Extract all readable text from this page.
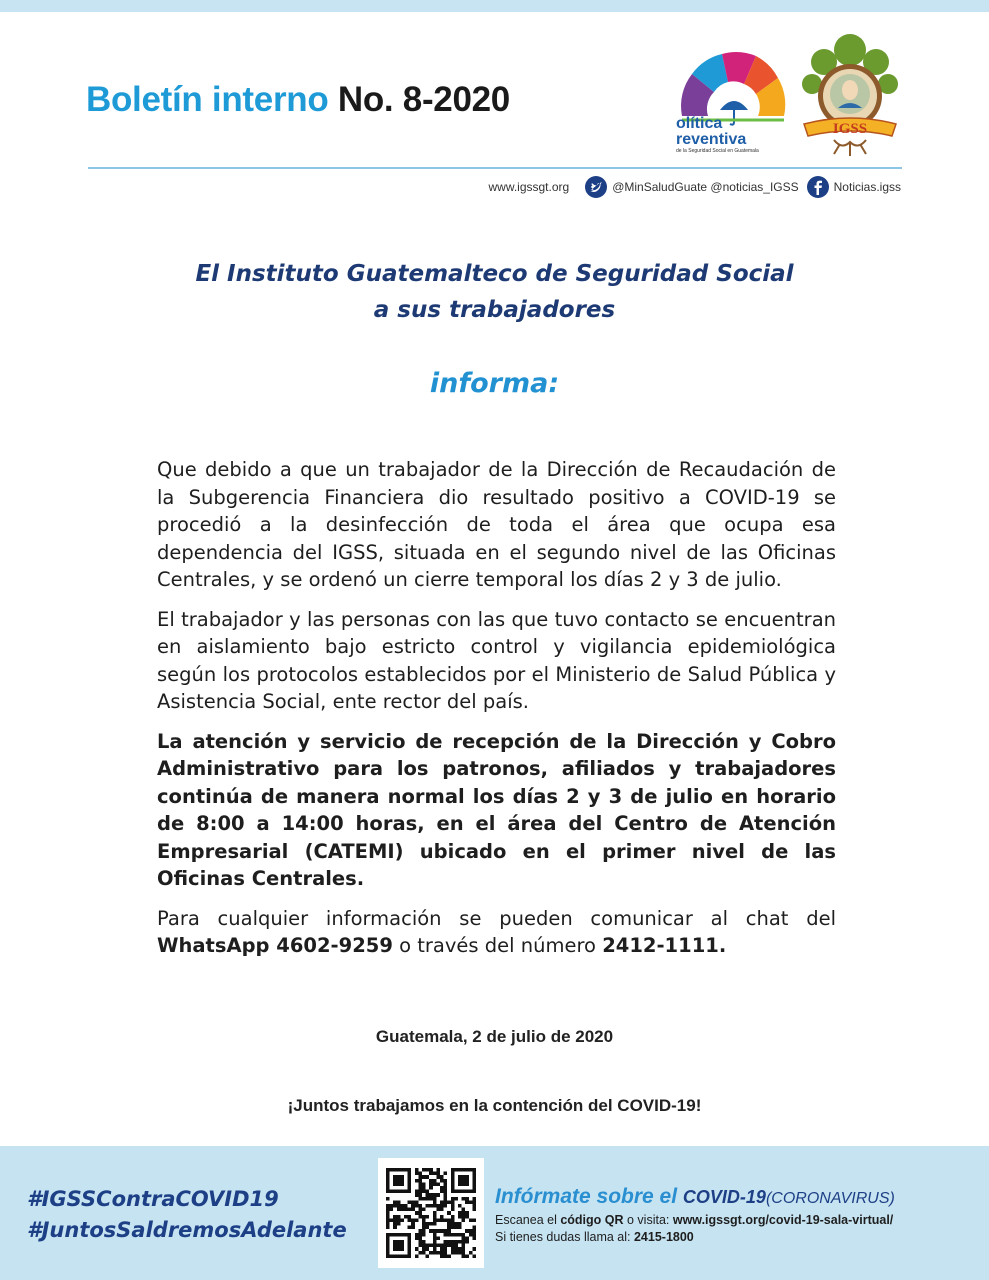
Boletín interno No. 8-2020
olítica
reventiva
de la Seguridad Social en Guatemala
IGSS
www.igssgt.org	@MinSaludGuate @noticias_IGSS	Noticias.igss
El Instituto Guatemalteco de Seguridad Social
a sus trabajadores
informa:

Que debido a que un trabajador de la Dirección de Recaudación de la Subgerencia Financiera dio resultado positivo a COVID-19 se procedió a la desinfección de toda el área que ocupa esa dependencia del IGSS, situada en el segundo nivel de las Oficinas Centrales, y se ordenó un cierre temporal los días 2 y 3 de julio.

El trabajador y las personas con las que tuvo contacto se encuentran en aislamiento bajo estricto control y vigilancia epidemiológica según los protocolos establecidos por el Ministerio de Salud Pública y Asistencia Social, ente rector del país.

La atención y servicio de recepción de la Dirección y Cobro Administrativo para los patronos, afiliados y trabajadores continúa de manera normal los días 2 y 3 de julio en horario de 8:00 a 14:00 horas, en el área del Centro de Atención Empresarial (CATEMI) ubicado en el primer nivel de las Oficinas Centrales.

Para cualquier información se pueden comunicar al chat del WhatsApp 4602-9259 o través del número 2412-1111.

Guatemala, 2 de julio de 2020
¡Juntos trabajamos en la contención del COVID-19!
#IGSSContraCOVID19
#JuntosSaldremosAdelante
Infórmate sobre el COVID-19(CORONAVIRUS)
Escanea el código QR o visita: www.igssgt.org/covid-19-sala-virtual/
Si tienes dudas llama al: 2415-1800
